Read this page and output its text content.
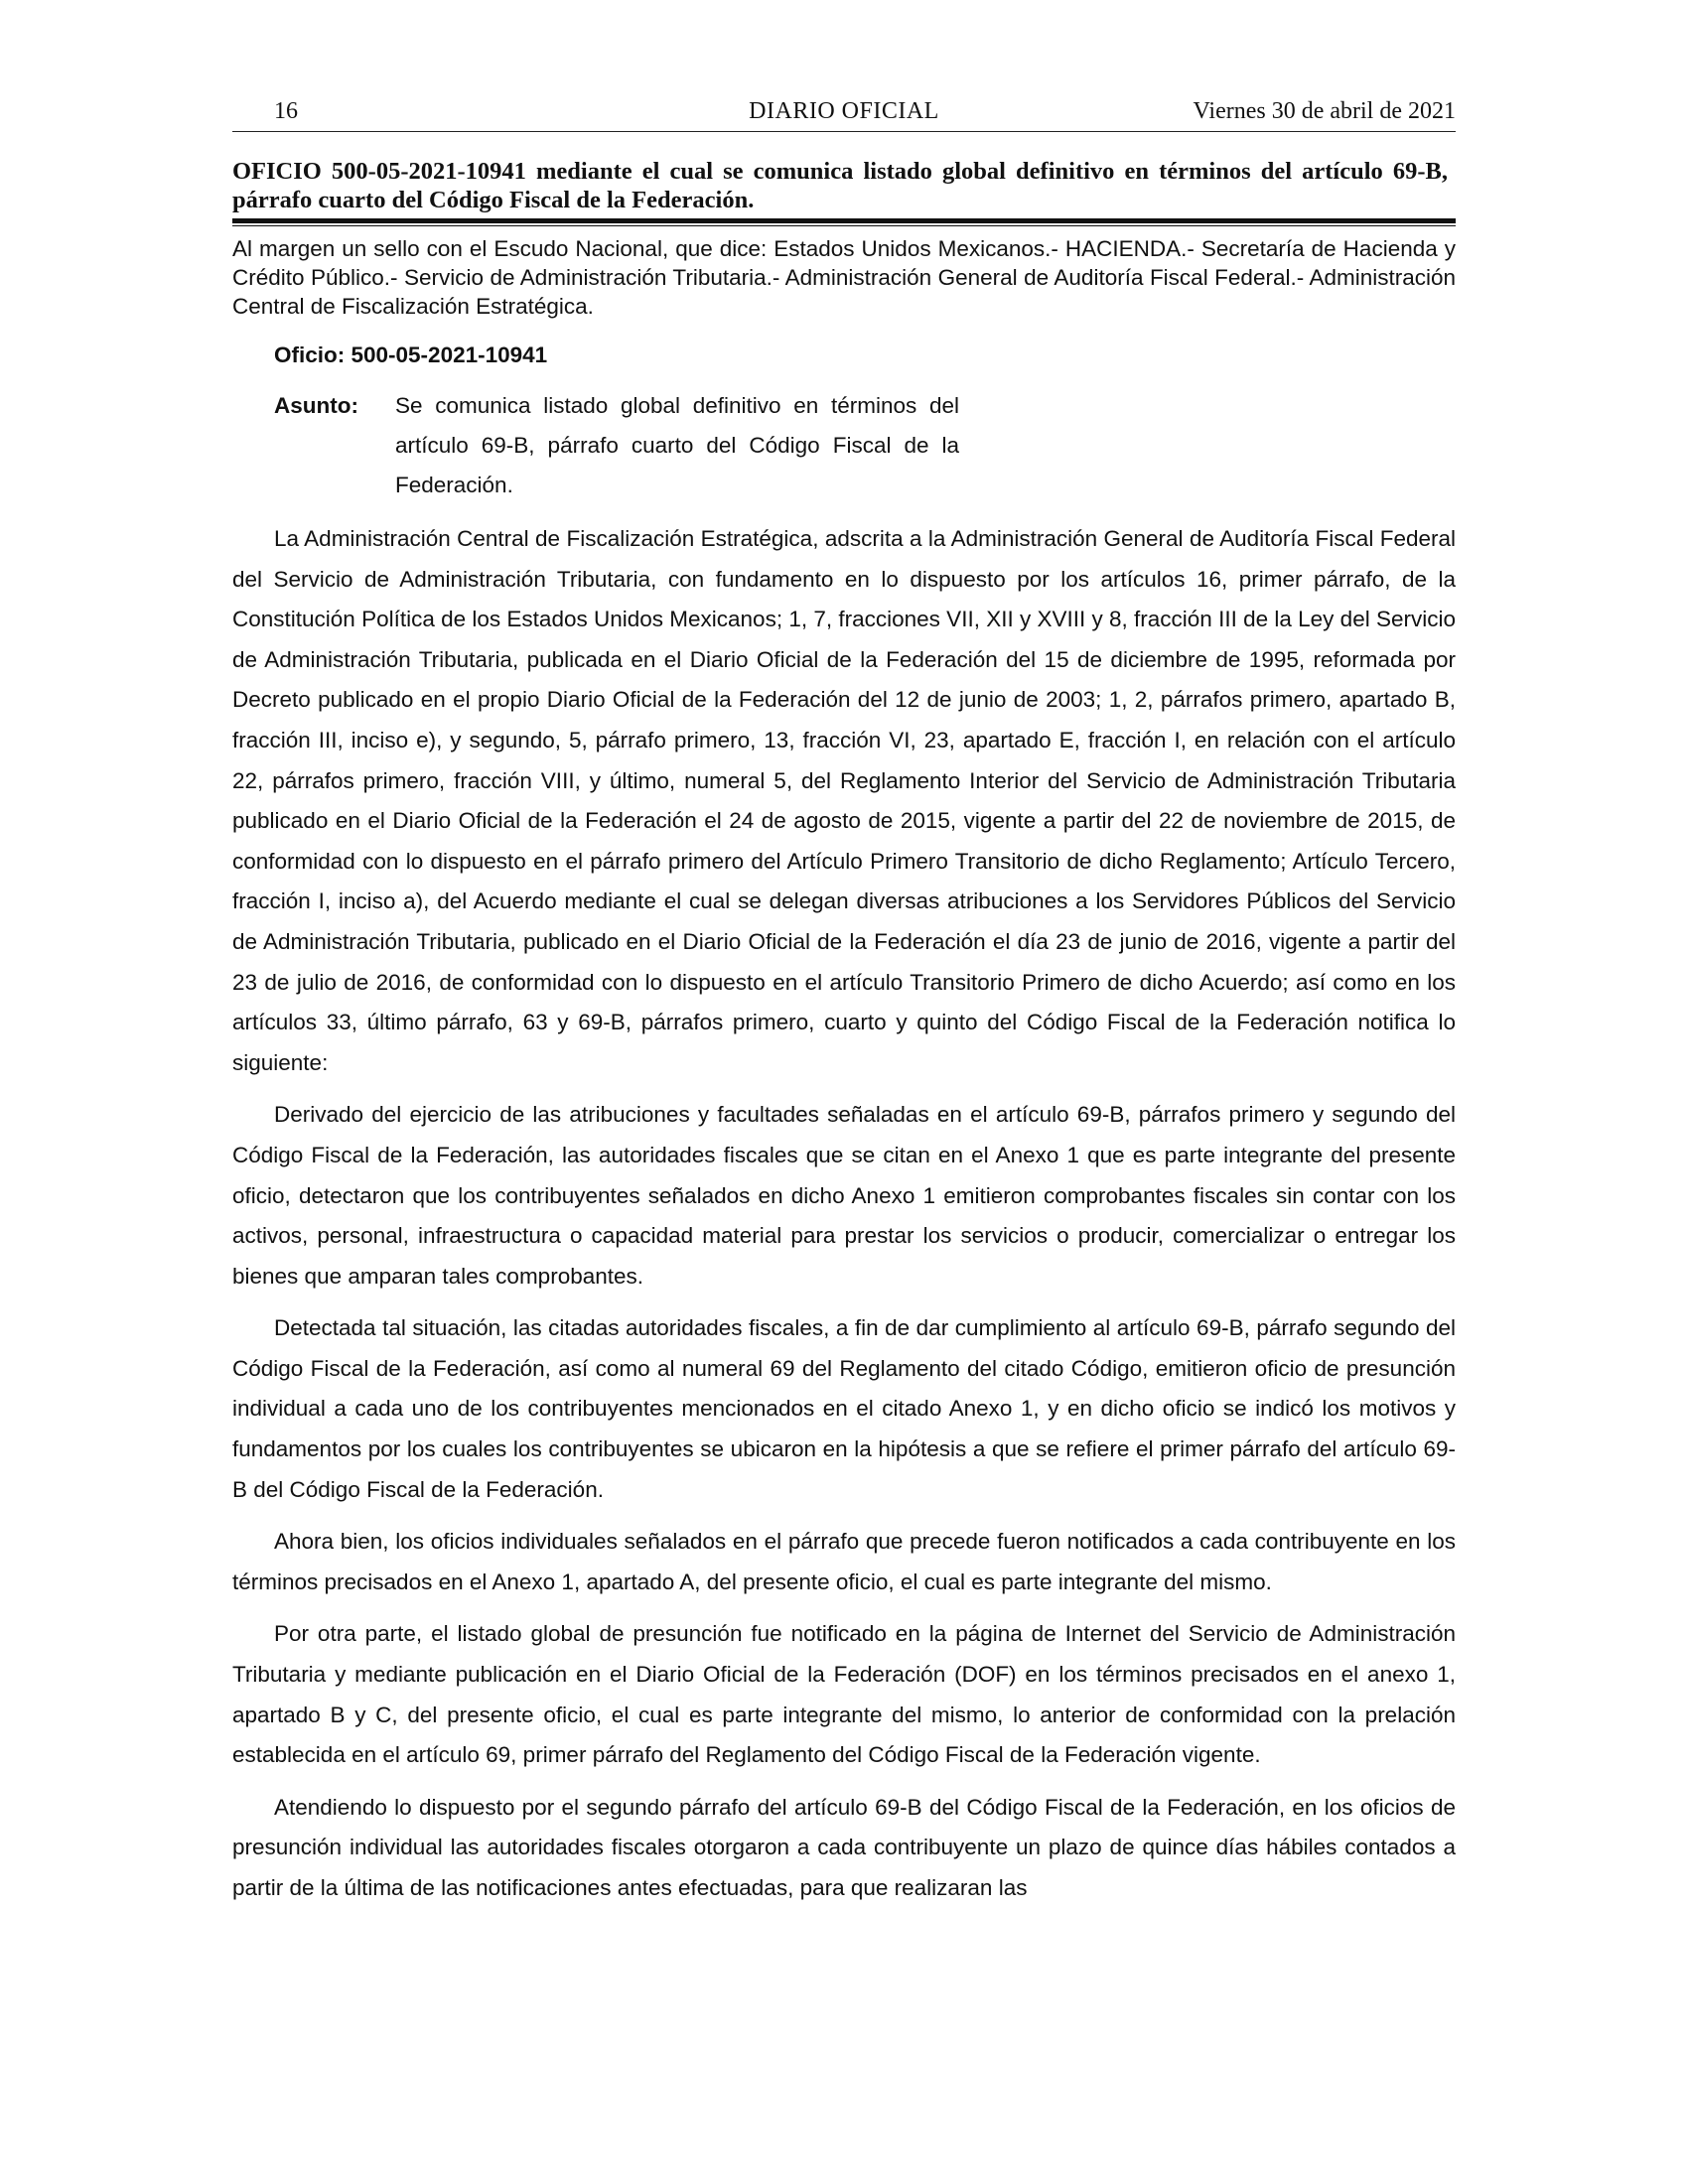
16	DIARIO OFICIAL	Viernes 30 de abril de 2021
OFICIO 500-05-2021-10941 mediante el cual se comunica listado global definitivo en términos del artículo 69-B, párrafo cuarto del Código Fiscal de la Federación.
Al margen un sello con el Escudo Nacional, que dice: Estados Unidos Mexicanos.- HACIENDA.- Secretaría de Hacienda y Crédito Público.- Servicio de Administración Tributaria.- Administración General de Auditoría Fiscal Federal.- Administración Central de Fiscalización Estratégica.
Oficio: 500-05-2021-10941
Asunto:	Se comunica listado global definitivo en términos del artículo 69-B, párrafo cuarto del Código Fiscal de la Federación.

La Administración Central de Fiscalización Estratégica, adscrita a la Administración General de Auditoría Fiscal Federal del Servicio de Administración Tributaria, con fundamento en lo dispuesto por los artículos 16, primer párrafo, de la Constitución Política de los Estados Unidos Mexicanos; 1, 7, fracciones VII, XII y XVIII y 8, fracción III de la Ley del Servicio de Administración Tributaria, publicada en el Diario Oficial de la Federación del 15 de diciembre de 1995, reformada por Decreto publicado en el propio Diario Oficial de la Federación del 12 de junio de 2003; 1, 2, párrafos primero, apartado B, fracción III, inciso e), y segundo, 5, párrafo primero, 13, fracción VI, 23, apartado E, fracción I, en relación con el artículo 22, párrafos primero, fracción VIII, y último, numeral 5, del Reglamento Interior del Servicio de Administración Tributaria publicado en el Diario Oficial de la Federación el 24 de agosto de 2015, vigente a partir del 22 de noviembre de 2015, de conformidad con lo dispuesto en el párrafo primero del Artículo Primero Transitorio de dicho Reglamento; Artículo Tercero, fracción I, inciso a), del Acuerdo mediante el cual se delegan diversas atribuciones a los Servidores Públicos del Servicio de Administración Tributaria, publicado en el Diario Oficial de la Federación el día 23 de junio de 2016, vigente a partir del 23 de julio de 2016, de conformidad con lo dispuesto en el artículo Transitorio Primero de dicho Acuerdo; así como en los artículos 33, último párrafo, 63 y 69-B, párrafos primero, cuarto y quinto del Código Fiscal de la Federación notifica lo siguiente:

Derivado del ejercicio de las atribuciones y facultades señaladas en el artículo 69-B, párrafos primero y segundo del Código Fiscal de la Federación, las autoridades fiscales que se citan en el Anexo 1 que es parte integrante del presente oficio, detectaron que los contribuyentes señalados en dicho Anexo 1 emitieron comprobantes fiscales sin contar con los activos, personal, infraestructura o capacidad material para prestar los servicios o producir, comercializar o entregar los bienes que amparan tales comprobantes.

Detectada tal situación, las citadas autoridades fiscales, a fin de dar cumplimiento al artículo 69-B, párrafo segundo del Código Fiscal de la Federación, así como al numeral 69 del Reglamento del citado Código, emitieron oficio de presunción individual a cada uno de los contribuyentes mencionados en el citado Anexo 1, y en dicho oficio se indicó los motivos y fundamentos por los cuales los contribuyentes se ubicaron en la hipótesis a que se refiere el primer párrafo del artículo 69-B del Código Fiscal de la Federación.

Ahora bien, los oficios individuales señalados en el párrafo que precede fueron notificados a cada contribuyente en los términos precisados en el Anexo 1, apartado A, del presente oficio, el cual es parte integrante del mismo.

Por otra parte, el listado global de presunción fue notificado en la página de Internet del Servicio de Administración Tributaria y mediante publicación en el Diario Oficial de la Federación (DOF) en los términos precisados en el anexo 1, apartado B y C, del presente oficio, el cual es parte integrante del mismo, lo anterior de conformidad con la prelación establecida en el artículo 69, primer párrafo del Reglamento del Código Fiscal de la Federación vigente.

Atendiendo lo dispuesto por el segundo párrafo del artículo 69-B del Código Fiscal de la Federación, en los oficios de presunción individual las autoridades fiscales otorgaron a cada contribuyente un plazo de quince días hábiles contados a partir de la última de las notificaciones antes efectuadas, para que realizaran las
